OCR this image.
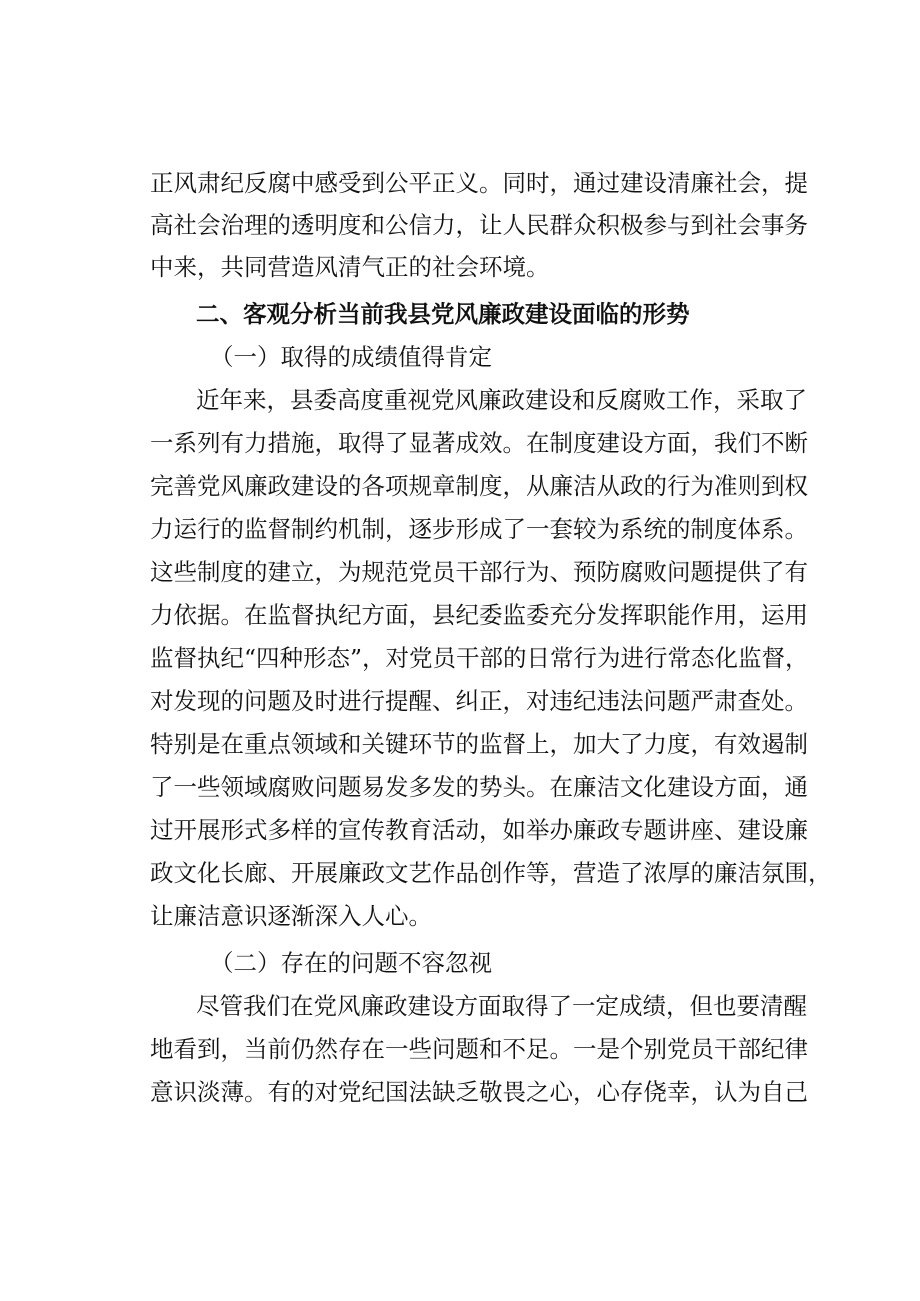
正风肃纪反腐中感受到公平正义。同时，通过建设清廉社会，提
高社会治理的透明度和公信力，让人民群众积极参与到社会事务
中来，共同营造风清气正的社会环境。
二、客观分析当前我县党风廉政建设面临的形势
（一）取得的成绩值得肯定
近年来，县委高度重视党风廉政建设和反腐败工作，采取了
一系列有力措施，取得了显著成效。在制度建设方面，我们不断
完善党风廉政建设的各项规章制度，从廉洁从政的行为准则到权
力运行的监督制约机制，逐步形成了一套较为系统的制度体系。
这些制度的建立，为规范党员干部行为、预防腐败问题提供了有
力依据。在监督执纪方面，县纪委监委充分发挥职能作用，运用
监督执纪“四种形态”，对党员干部的日常行为进行常态化监督，
对发现的问题及时进行提醒、纠正，对违纪违法问题严肃查处。
特别是在重点领域和关键环节的监督上，加大了力度，有效遏制
了一些领域腐败问题易发多发的势头。在廉洁文化建设方面，通
过开展形式多样的宣传教育活动，如举办廉政专题讲座、建设廉
政文化长廊、开展廉政文艺作品创作等，营造了浓厚的廉洁氛围，
让廉洁意识逐渐深入人心。
（二）存在的问题不容忽视
尽管我们在党风廉政建设方面取得了一定成绩，但也要清醒
地看到，当前仍然存在一些问题和不足。一是个别党员干部纪律
意识淡薄。有的对党纪国法缺乏敬畏之心，心存侥幸，认为自己
